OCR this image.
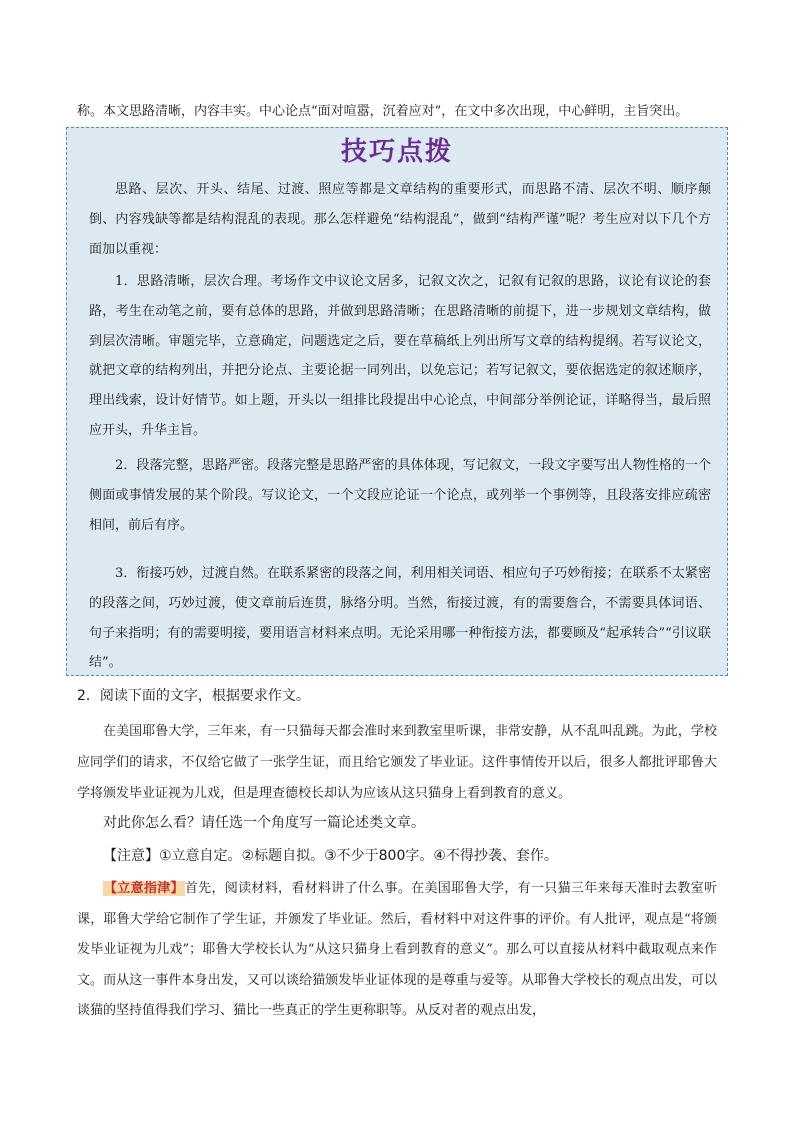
称。本文思路清晰，内容丰实。中心论点“面对喧嚣，沉着应对”，在文中多次出现，中心鲜明，主旨突出。

技巧点拨

思路、层次、开头、结尾、过渡、照应等都是文章结构的重要形式，而思路不清、层次不明、顺序颠倒、内容残缺等都是结构混乱的表现。那么怎样避免“结构混乱”，做到“结构严谨”呢？考生应对以下几个方面加以重视：

1．思路清晰，层次合理。考场作文中议论文居多，记叙文次之，记叙有记叙的思路，议论有议论的套路，考生在动笔之前，要有总体的思路，并做到思路清晰；在思路清晰的前提下，进一步规划文章结构，做到层次清晰。审题完毕，立意确定，问题选定之后，要在草稿纸上列出所写文章的结构提纲。若写议论文，就把文章的结构列出，并把分论点、主要论据一同列出，以免忘记；若写记叙文，要依据选定的叙述顺序，理出线索，设计好情节。如上题，开头以一组排比段提出中心论点，中间部分举例论证，详略得当，最后照应开头，升华主旨。

2．段落完整，思路严密。段落完整是思路严密的具体体现，写记叙文，一段文字要写出人物性格的一个侧面或事情发展的某个阶段。写议论文，一个文段应论证一个论点，或列举一个事例等，且段落安排应疏密相间，前后有序。

3．衔接巧妙，过渡自然。在联系紧密的段落之间，利用相关词语、相应句子巧妙衔接；在联系不太紧密的段落之间，巧妙过渡，使文章前后连贯，脉络分明。当然，衔接过渡，有的需要詹合，不需要具体词语、句子来指明；有的需要明接，要用语言材料来点明。无论采用哪一种衔接方法，都要顾及“起承转合”“引议联结”。

2．阅读下面的文字，根据要求作文。

在美国耶鲁大学，三年来，有一只猫每天都会准时来到教室里听课，非常安静，从不乱叫乱跳。为此，学校应同学们的请求，不仅给它做了一张学生证，而且给它颁发了毕业证。这件事情传开以后，很多人都批评耶鲁大学将颁发毕业证视为儿戏，但是理查德校长却认为应该从这只猫身上看到教育的意义。

对此你怎么看？请任选一个角度写一篇论述类文章。

【注意】①立意自定。②标题自拟。③不少于800字。④不得抄袭、套作。

【立意指津】首先，阅读材料，看材料讲了什么事。在美国耶鲁大学，有一只猫三年来每天准时去教室听课，耶鲁大学给它制作了学生证，并颁发了毕业证。然后，看材料中对这件事的评价。有人批评，观点是“将颁发毕业证视为儿戏”；耶鲁大学校长认为“从这只猫身上看到教育的意义”。那么可以直接从材料中截取观点来作文。而从这一事件本身出发，又可以谈给猫颁发毕业证体现的是尊重与爱等。从耶鲁大学校长的观点出发，可以谈猫的坚持值得我们学习、猫比一些真正的学生更称职等。从反对者的观点出发，
